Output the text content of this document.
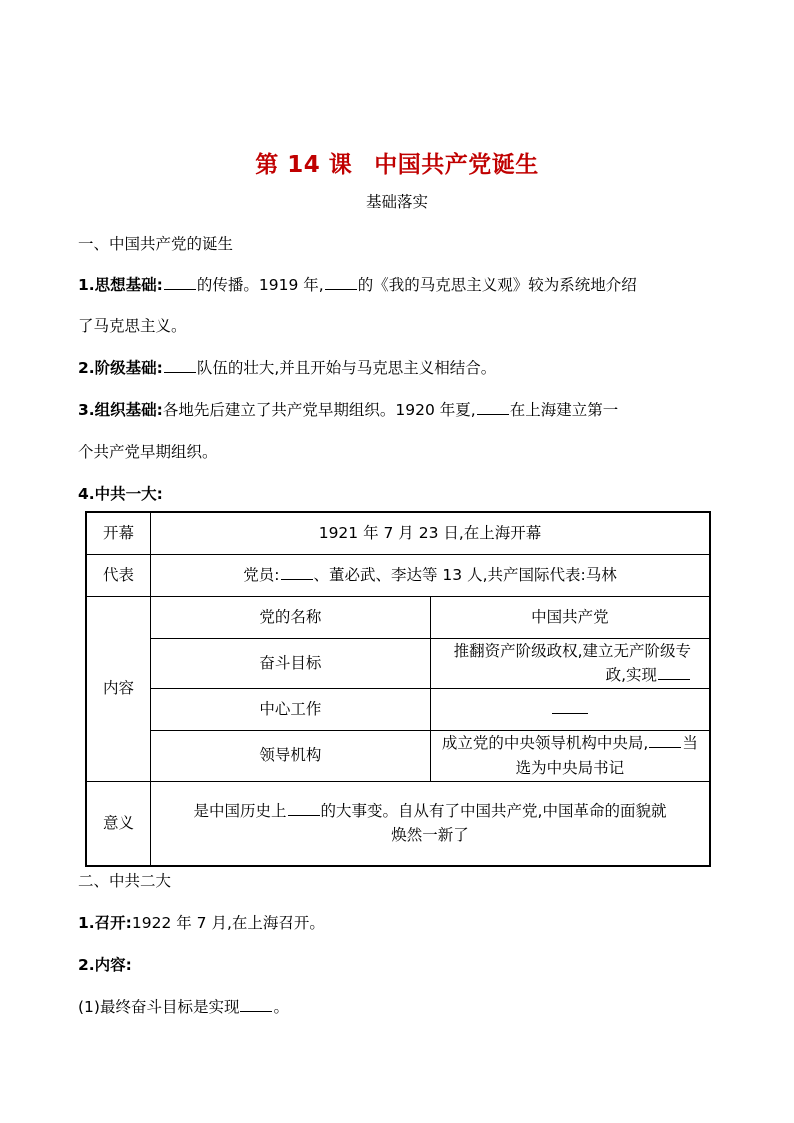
第 14 课 中国共产党诞生
基础落实
一、中国共产党的诞生
1.思想基础: 的传播。1919 年, 的《我的马克思主义观》较为系统地介绍
了马克思主义。
2.阶级基础: 队伍的壮大,并且开始与马克思主义相结合。
3.组织基础:各地先后建立了共产党早期组织。1920 年夏, 在上海建立第一
个共产党早期组织。
4.中共一大:
开幕	1921 年 7 月 23 日,在上海开幕	
代表	党员: 、董必武、李达等 13 人,共产国际代表:马林	
内容	党的名称	中国共产党
	奋斗目标	推翻资产阶级政权,建立无产阶级专政,实现
	中心工作	
	领导机构	成立党的中央领导机构中央局, 当选为中央局书记
意义	是中国历史上 的大事变。自从有了中国共产党,中国革命的面貌就
焕然一新了	
二、中共二大
1.召开:1922 年 7 月,在上海召开。
2.内容:
(1)最终奋斗目标是实现 。
